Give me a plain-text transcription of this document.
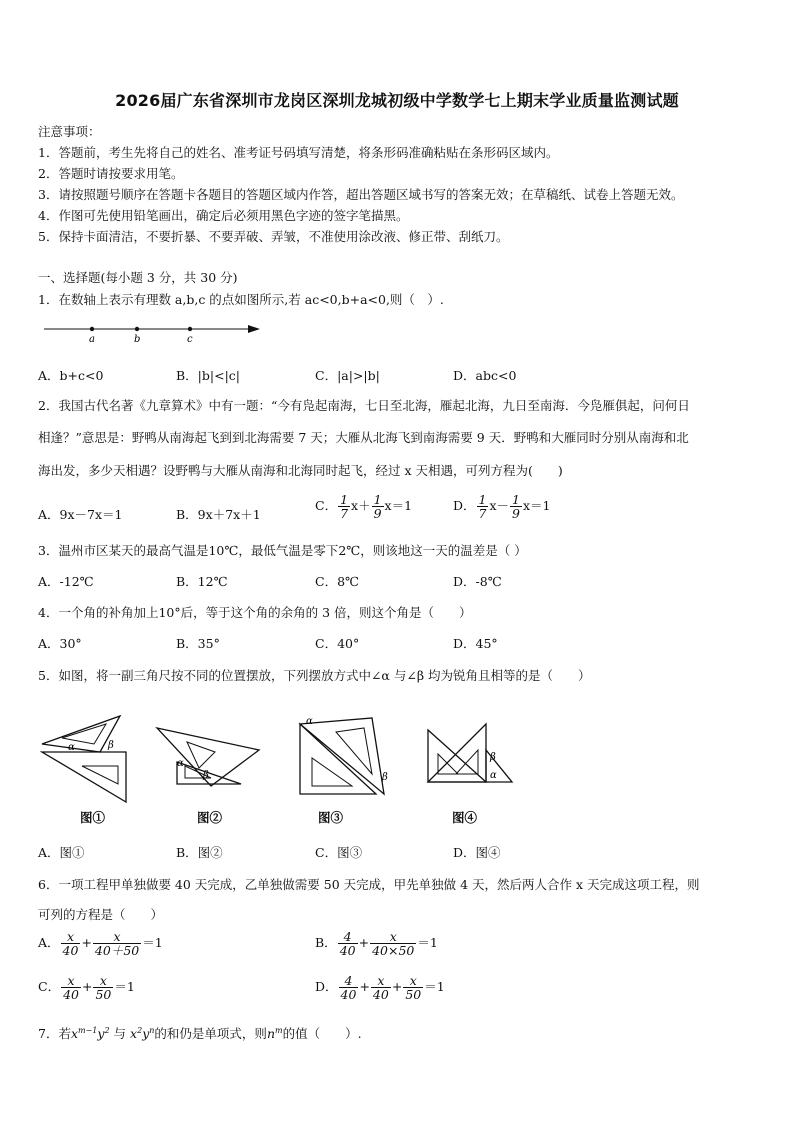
2026届广东省深圳市龙岗区深圳龙城初级中学数学七上期末学业质量监测试题
注意事项：
1．答题前，考生先将自己的姓名、准考证号码填写清楚，将条形码准确粘贴在条形码区域内。
2．答题时请按要求用笔。
3．请按照题号顺序在答题卡各题目的答题区域内作答，超出答题区域书写的答案无效；在草稿纸、试卷上答题无效。
4．作图可先使用铅笔画出，确定后必须用黑色字迹的签字笔描黑。
5．保持卡面清洁，不要折暴、不要弄破、弄皱，不准使用涂改液、修正带、刮纸刀。
一、选择题(每小题 3 分，共 30 分)
1．在数轴上表示有理数 a,b,c 的点如图所示,若 ac<0,b+a<0,则（　）.
a	b	c
A．b+c<0	B．|b|<|c|	C．|a|>|b|	D．abc<0
2．我国古代名著《九章算术》中有一题：“今有凫起南海，七日至北海，雁起北海，九日至南海．今凫雁俱起，问何日
相逢？”意思是：野鸭从南海起飞到到北海需要 7 天；大雁从北海飞到南海需要 9 天．野鸭和大雁同时分别从南海和北
海出发，多少天相遇？设野鸭与大雁从南海和北海同时起飞，经过 x 天相遇，可列方程为(　　)
A．9x－7x＝1	B．9x＋7x＋1
C． $\frac{1}{7} x+ \frac{1}{9} x=1$	D． $\frac{1}{7} x- \frac{1}{9} x=1$
3．温州市区某天的最高气温是10℃，最低气温是零下2℃，则该地这一天的温差是（ ）
A．-12℃	B．12℃	C．8℃	D．-8℃
4．一个角的补角加上10°后，等于这个角的余角的 3 倍，则这个角是（　　）
A．30°	B．35°	C．40°	D．45°
5．如图，将一副三角尺按不同的位置摆放，下列摆放方式中∠α 与∠β 均为锐角且相等的是（　　）
α	β
图①
α
β
图②
α
β
图③
β
α
图④
A．图①	B．图②	C．图③	D．图④
6．一项工程甲单独做要 40 天完成，乙单独做需要 50 天完成，甲先单独做 4 天，然后两人合作 x 天完成这项工程，则
可列的方程是（　　）
A． $\frac{x}{40} + \frac{x}{40+50} =1$	B． $\frac{4}{40} + \frac{x}{40\times 50} =1$
C． $\frac{x}{40} + \frac{x}{50} =1$	D． $\frac{4}{40} + \frac{x}{40} + \frac{x}{50} =1$
7．若$x^{m-1}y^2$ 与 $x^2y^n$的和仍是单项式，则$n^m$的值（　　）.
